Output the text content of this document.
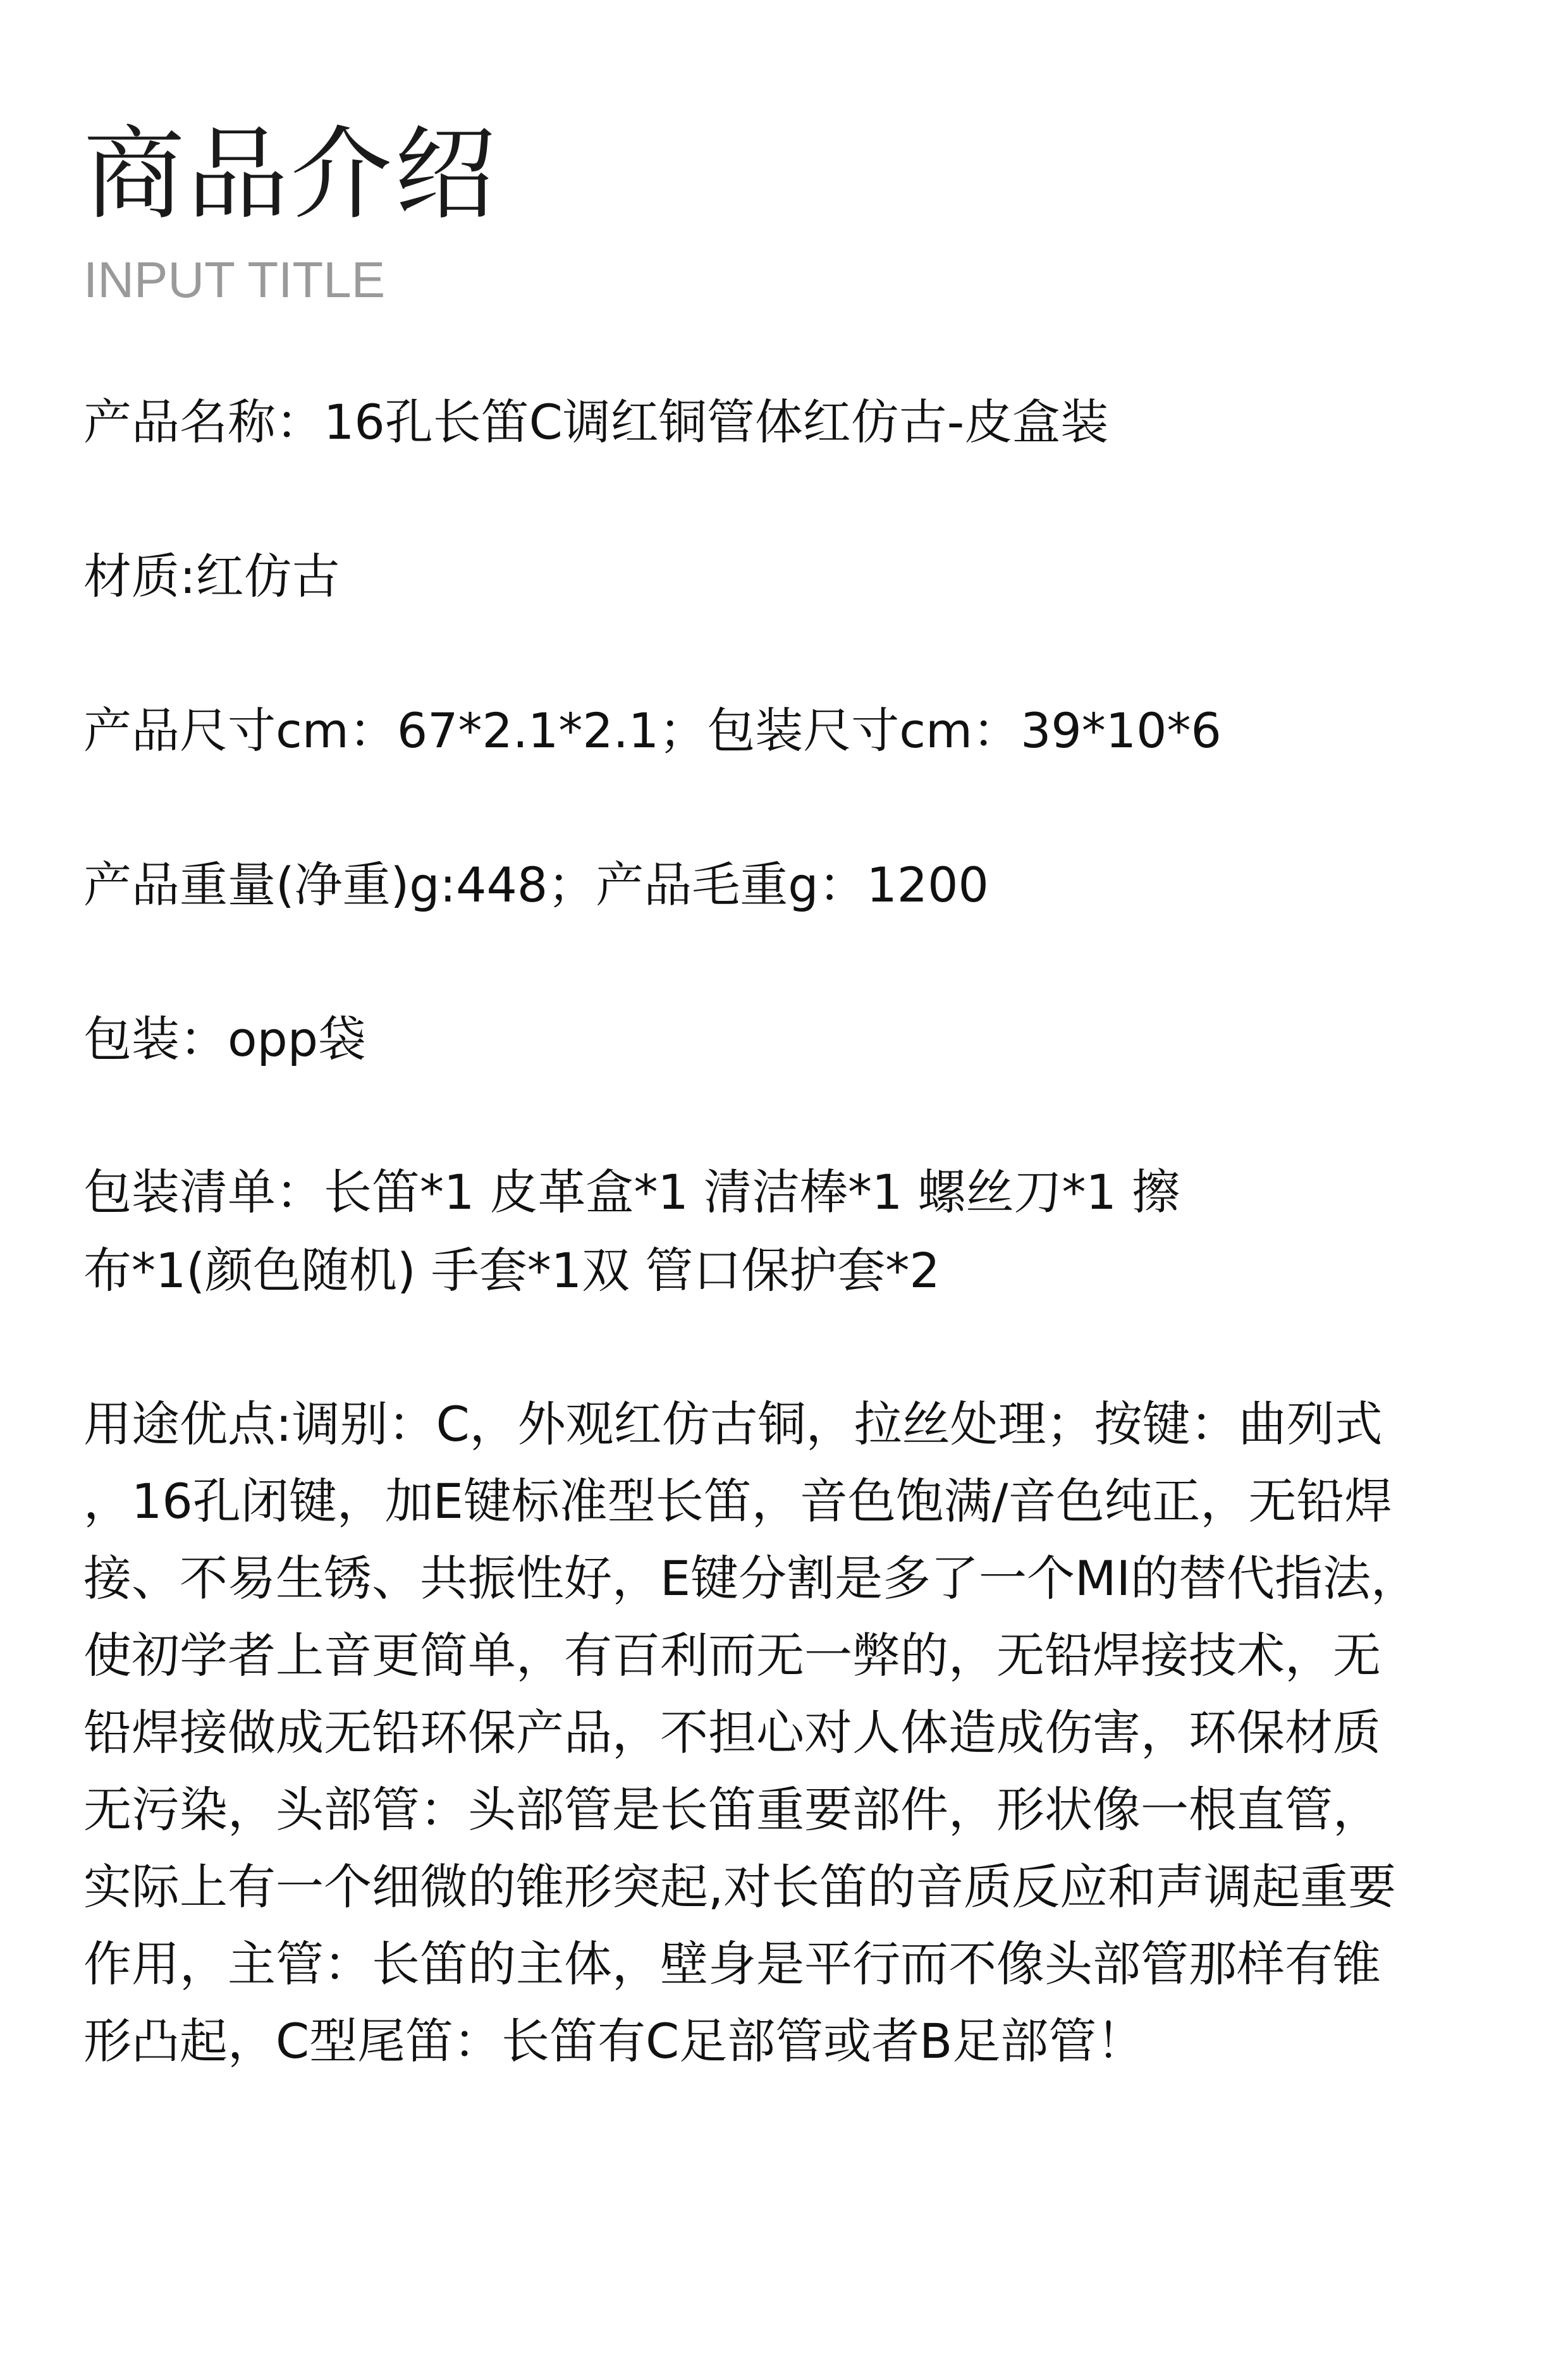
商品介绍
INPUT TITLE
产品名称：16孔长笛C调红铜管体红仿古-皮盒装
材质:红仿古
产品尺寸cm：67*2.1*2.1；包装尺寸cm：39*10*6
产品重量(净重)g:448；产品毛重g：1200
包装：opp袋
包装清单：长笛*1 皮革盒*1 清洁棒*1 螺丝刀*1 擦
布*1(颜色随机) 手套*1双 管口保护套*2
用途优点:调别：C，外观红仿古铜，拉丝处理；按键：曲列式
，16孔闭键，加E键标准型长笛，音色饱满/音色纯正，无铅焊
接、不易生锈、共振性好，E键分割是多了一个MI的替代指法，
使初学者上音更简单，有百利而无一弊的，无铅焊接技术，无
铅焊接做成无铅环保产品，不担心对人体造成伤害，环保材质
无污染，头部管：头部管是长笛重要部件，形状像一根直管，
实际上有一个细微的锥形突起,对长笛的音质反应和声调起重要
作用，主管：长笛的主体，壁身是平行而不像头部管那样有锥
形凸起，C型尾笛：长笛有C足部管或者B足部管！
